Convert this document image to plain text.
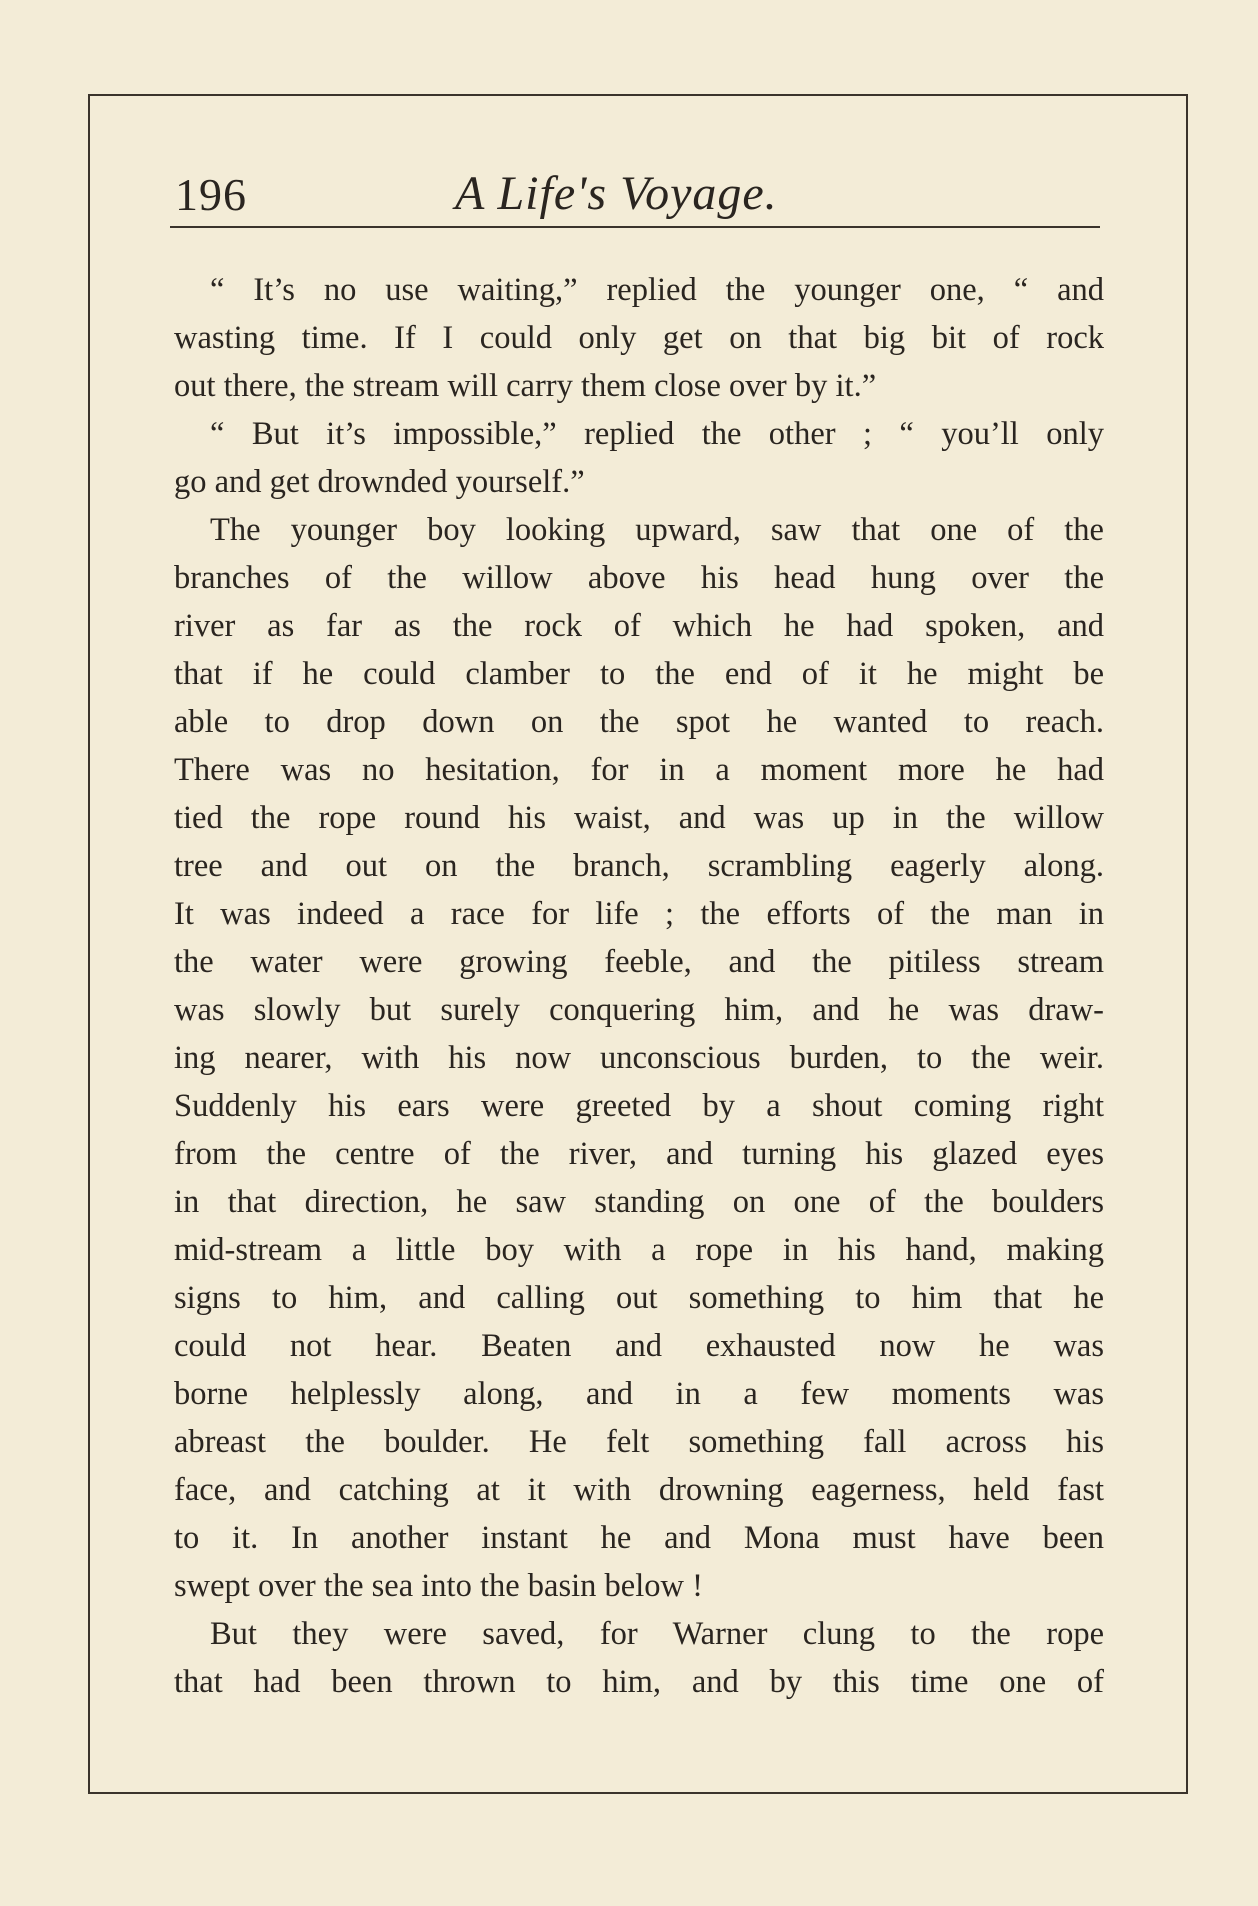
196	A Life's Voyage.
“ It’s no use waiting,” replied the younger one, “ and
wasting time. If I could only get on that big bit of rock
out there, the stream will carry them close over by it.”
“ But it’s impossible,” replied the other ; “ you’ll only
go and get drownded yourself.”
The younger boy looking upward, saw that one of the
branches of the willow above his head hung over the
river as far as the rock of which he had spoken, and
that if he could clamber to the end of it he might be
able to drop down on the spot he wanted to reach.
There was no hesitation, for in a moment more he had
tied the rope round his waist, and was up in the willow
tree and out on the branch, scrambling eagerly along.
It was indeed a race for life ; the efforts of the man in
the water were growing feeble, and the pitiless stream
was slowly but surely conquering him, and he was draw-
ing nearer, with his now unconscious burden, to the weir.
Suddenly his ears were greeted by a shout coming right
from the centre of the river, and turning his glazed eyes
in that direction, he saw standing on one of the boulders
mid-stream a little boy with a rope in his hand, making
signs to him, and calling out something to him that he
could not hear. Beaten and exhausted now he was
borne helplessly along, and in a few moments was
abreast the boulder. He felt something fall across his
face, and catching at it with drowning eagerness, held fast
to it. In another instant he and Mona must have been
swept over the sea into the basin below !
But they were saved, for Warner clung to the rope
that had been thrown to him, and by this time one of
